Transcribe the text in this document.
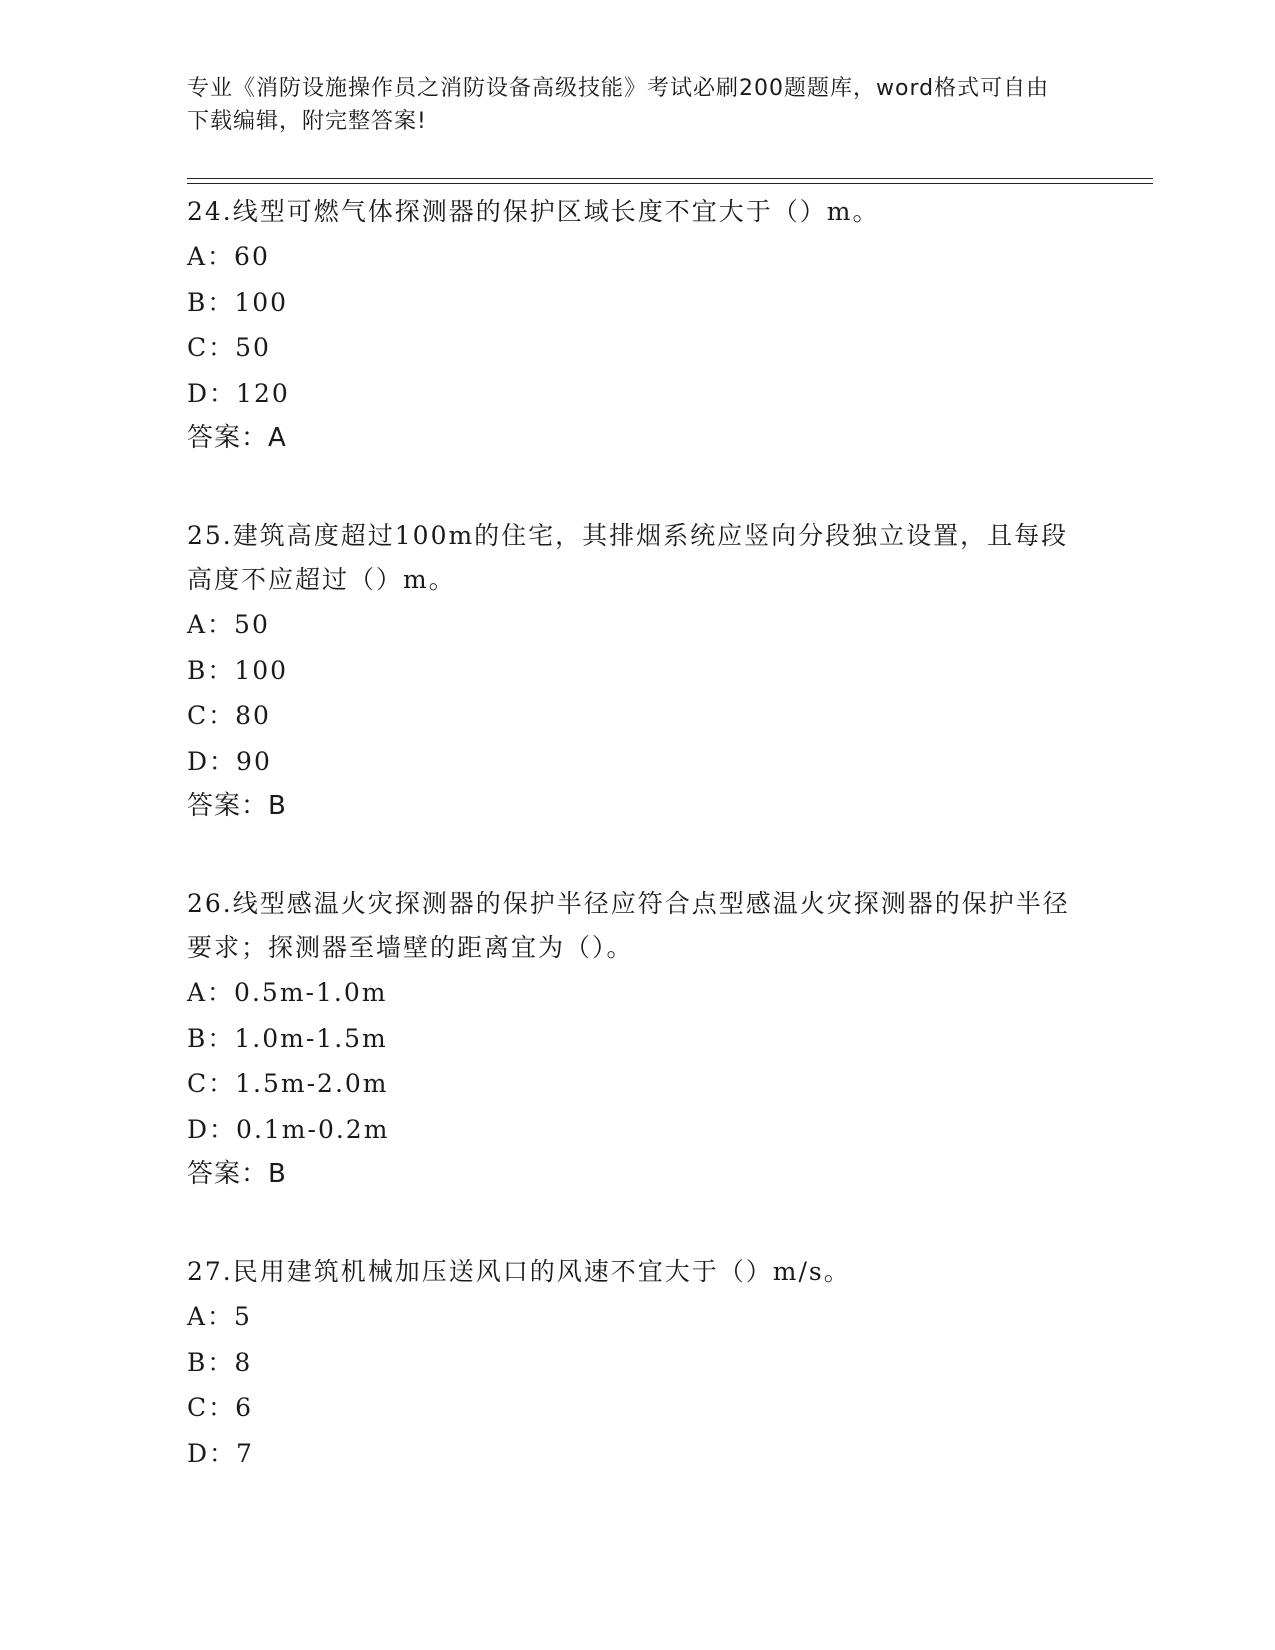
专业《消防设施操作员之消防设备高级技能》考试必刷200题题库，word格式可自由下载编辑，附完整答案!
24.线型可燃气体探测器的保护区域长度不宜大于（）m。
A：60
B：100
C：50
D：120
答案：A
25.建筑高度超过100m的住宅，其排烟系统应竖向分段独立设置，且每段高度不应超过（）m。
A：50
B：100
C：80
D：90
答案：B
26.线型感温火灾探测器的保护半径应符合点型感温火灾探测器的保护半径要求；探测器至墙壁的距离宜为（）。
A：0.5m-1.0m
B：1.0m-1.5m
C：1.5m-2.0m
D：0.1m-0.2m
答案：B
27.民用建筑机械加压送风口的风速不宜大于（）m/s。
A：5
B：8
C：6
D：7
